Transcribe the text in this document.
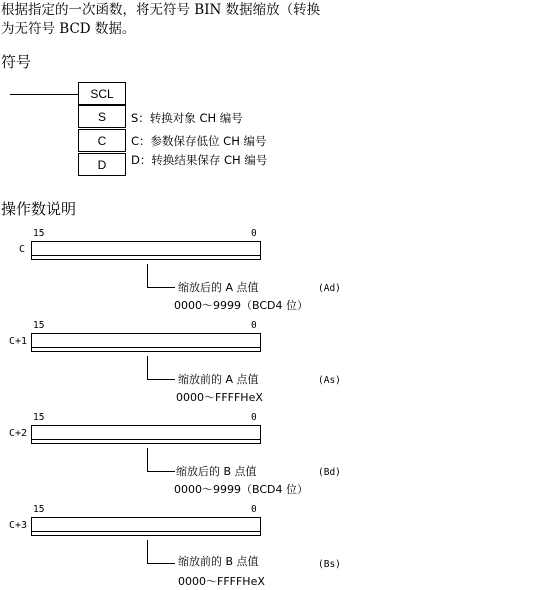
根据指定的一次函数，将无符号 BIN 数据缩放（转换
为无符号 BCD 数据。
符号
SCL
S
C
D
S：转换对象 CH 编号
C：参数保存低位 CH 编号
D：转换结果保存 CH 编号
操作数说明
15	0
C
缩放后的 A 点值	(Ad)
0000～9999（BCD4 位）
15	0
C+1
缩放前的 A 点值	(As)
0000～FFFFHeX
15	0
C+2
缩放后的 B 点值	(Bd)
0000～9999（BCD4 位）
15	0
C+3
缩放前的 B 点值	(Bs)
0000～FFFFHeX
